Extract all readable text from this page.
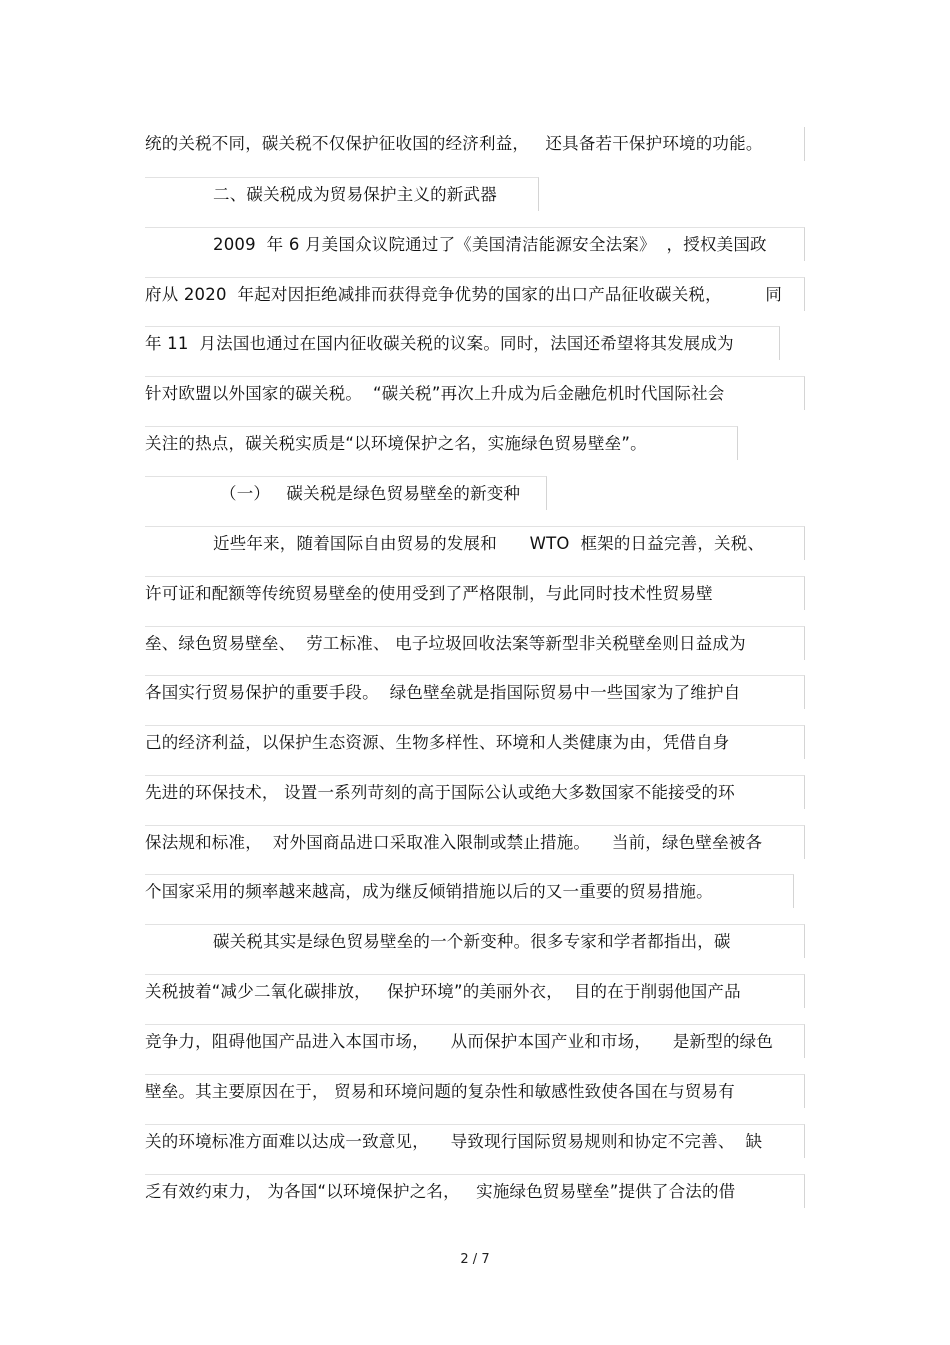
统的关税不同，碳关税不仅保护征收国的经济利益，   还具备若干保护环境的功能。
二、碳关税成为贸易保护主义的新武器
2009  年 6 月美国众议院通过了《美国清洁能源安全法案》  ，授权美国政
府从 2020  年起对因拒绝减排而获得竞争优势的国家的出口产品征收碳关税，        同
年 11  月法国也通过在国内征收碳关税的议案。同时，法国还希望将其发展成为
针对欧盟以外国家的碳关税。  “碳关税”再次上升成为后金融危机时代国际社会
关注的热点，碳关税实质是“以环境保护之名，实施绿色贸易壁垒”。
（一）   碳关税是绿色贸易壁垒的新变种
近些年来，随着国际自由贸易的发展和      WTO  框架的日益完善，关税、
许可证和配额等传统贸易壁垒的使用受到了严格限制，与此同时技术性贸易壁
垒、绿色贸易壁垒、  劳工标准、 电子垃圾回收法案等新型非关税壁垒则日益成为
各国实行贸易保护的重要手段。  绿色壁垒就是指国际贸易中一些国家为了维护自
己的经济利益，以保护生态资源、生物多样性、环境和人类健康为由，凭借自身
先进的环保技术， 设置一系列苛刻的高于国际公认或绝大多数国家不能接受的环
保法规和标准，  对外国商品进口采取准入限制或禁止措施。    当前，绿色壁垒被各
个国家采用的频率越来越高，成为继反倾销措施以后的又一重要的贸易措施。
碳关税其实是绿色贸易壁垒的一个新变种。很多专家和学者都指出，碳
关税披着“减少二氧化碳排放，   保护环境”的美丽外衣，  目的在于削弱他国产品
竞争力，阻碍他国产品进入本国市场，    从而保护本国产业和市场，    是新型的绿色
壁垒。其主要原因在于， 贸易和环境问题的复杂性和敏感性致使各国在与贸易有
关的环境标准方面难以达成一致意见，    导致现行国际贸易规则和协定不完善、  缺
乏有效约束力， 为各国“以环境保护之名，   实施绿色贸易壁垒”提供了合法的借
2 / 7
